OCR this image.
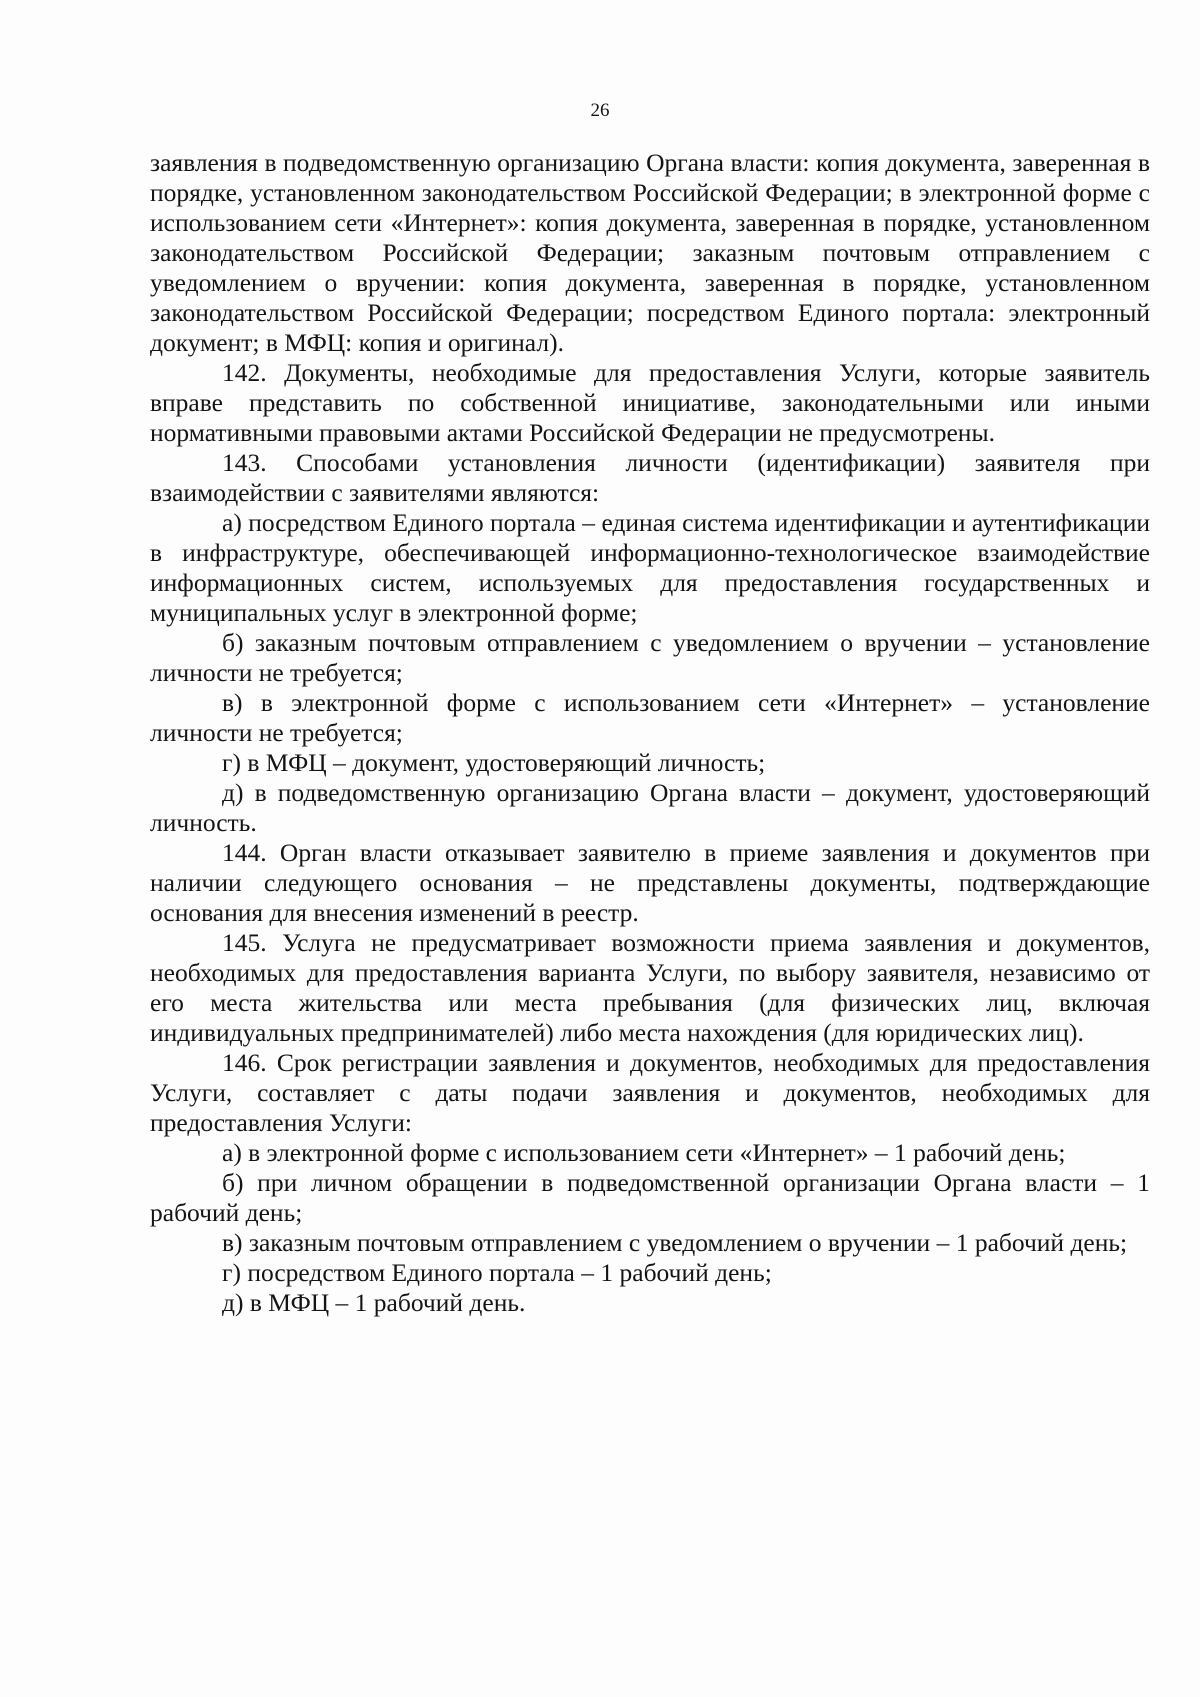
26

заявления в подведомственную организацию Органа власти: копия документа, заверенная в порядке, установленном законодательством Российской Федерации; в электронной форме с использованием сети «Интернет»: копия документа, заверенная в порядке, установленном законодательством Российской Федерации; заказным почтовым отправлением с уведомлением о вручении: копия документа, заверенная в порядке, установленном законодательством Российской Федерации; посредством Единого портала: электронный документ; в МФЦ: копия и оригинал).

142. Документы, необходимые для предоставления Услуги, которые заявитель вправе представить по собственной инициативе, законодательными или иными нормативными правовыми актами Российской Федерации не предусмотрены.

143. Способами установления личности (идентификации) заявителя при взаимодействии с заявителями являются:

а) посредством Единого портала – единая система идентификации и аутентификации в инфраструктуре, обеспечивающей информационно-технологическое взаимодействие информационных систем, используемых для предоставления государственных и муниципальных услуг в электронной форме;

б) заказным почтовым отправлением с уведомлением о вручении – установление личности не требуется;

в) в электронной форме с использованием сети «Интернет» – установление личности не требуется;

г) в МФЦ – документ, удостоверяющий личность;

д) в подведомственную организацию Органа власти – документ, удостоверяющий личность.

144. Орган власти отказывает заявителю в приеме заявления и документов при наличии следующего основания – не представлены документы, подтверждающие основания для внесения изменений в реестр.

145. Услуга не предусматривает возможности приема заявления и документов, необходимых для предоставления варианта Услуги, по выбору заявителя, независимо от его места жительства или места пребывания (для физических лиц, включая индивидуальных предпринимателей) либо места нахождения (для юридических лиц).

146. Срок регистрации заявления и документов, необходимых для предоставления Услуги, составляет с даты подачи заявления и документов, необходимых для предоставления Услуги:

а) в электронной форме с использованием сети «Интернет» – 1 рабочий день;

б) при личном обращении в подведомственной организации Органа власти – 1 рабочий день;

в) заказным почтовым отправлением с уведомлением о вручении – 1 рабочий день;

г) посредством Единого портала – 1 рабочий день;

д) в МФЦ – 1 рабочий день.
